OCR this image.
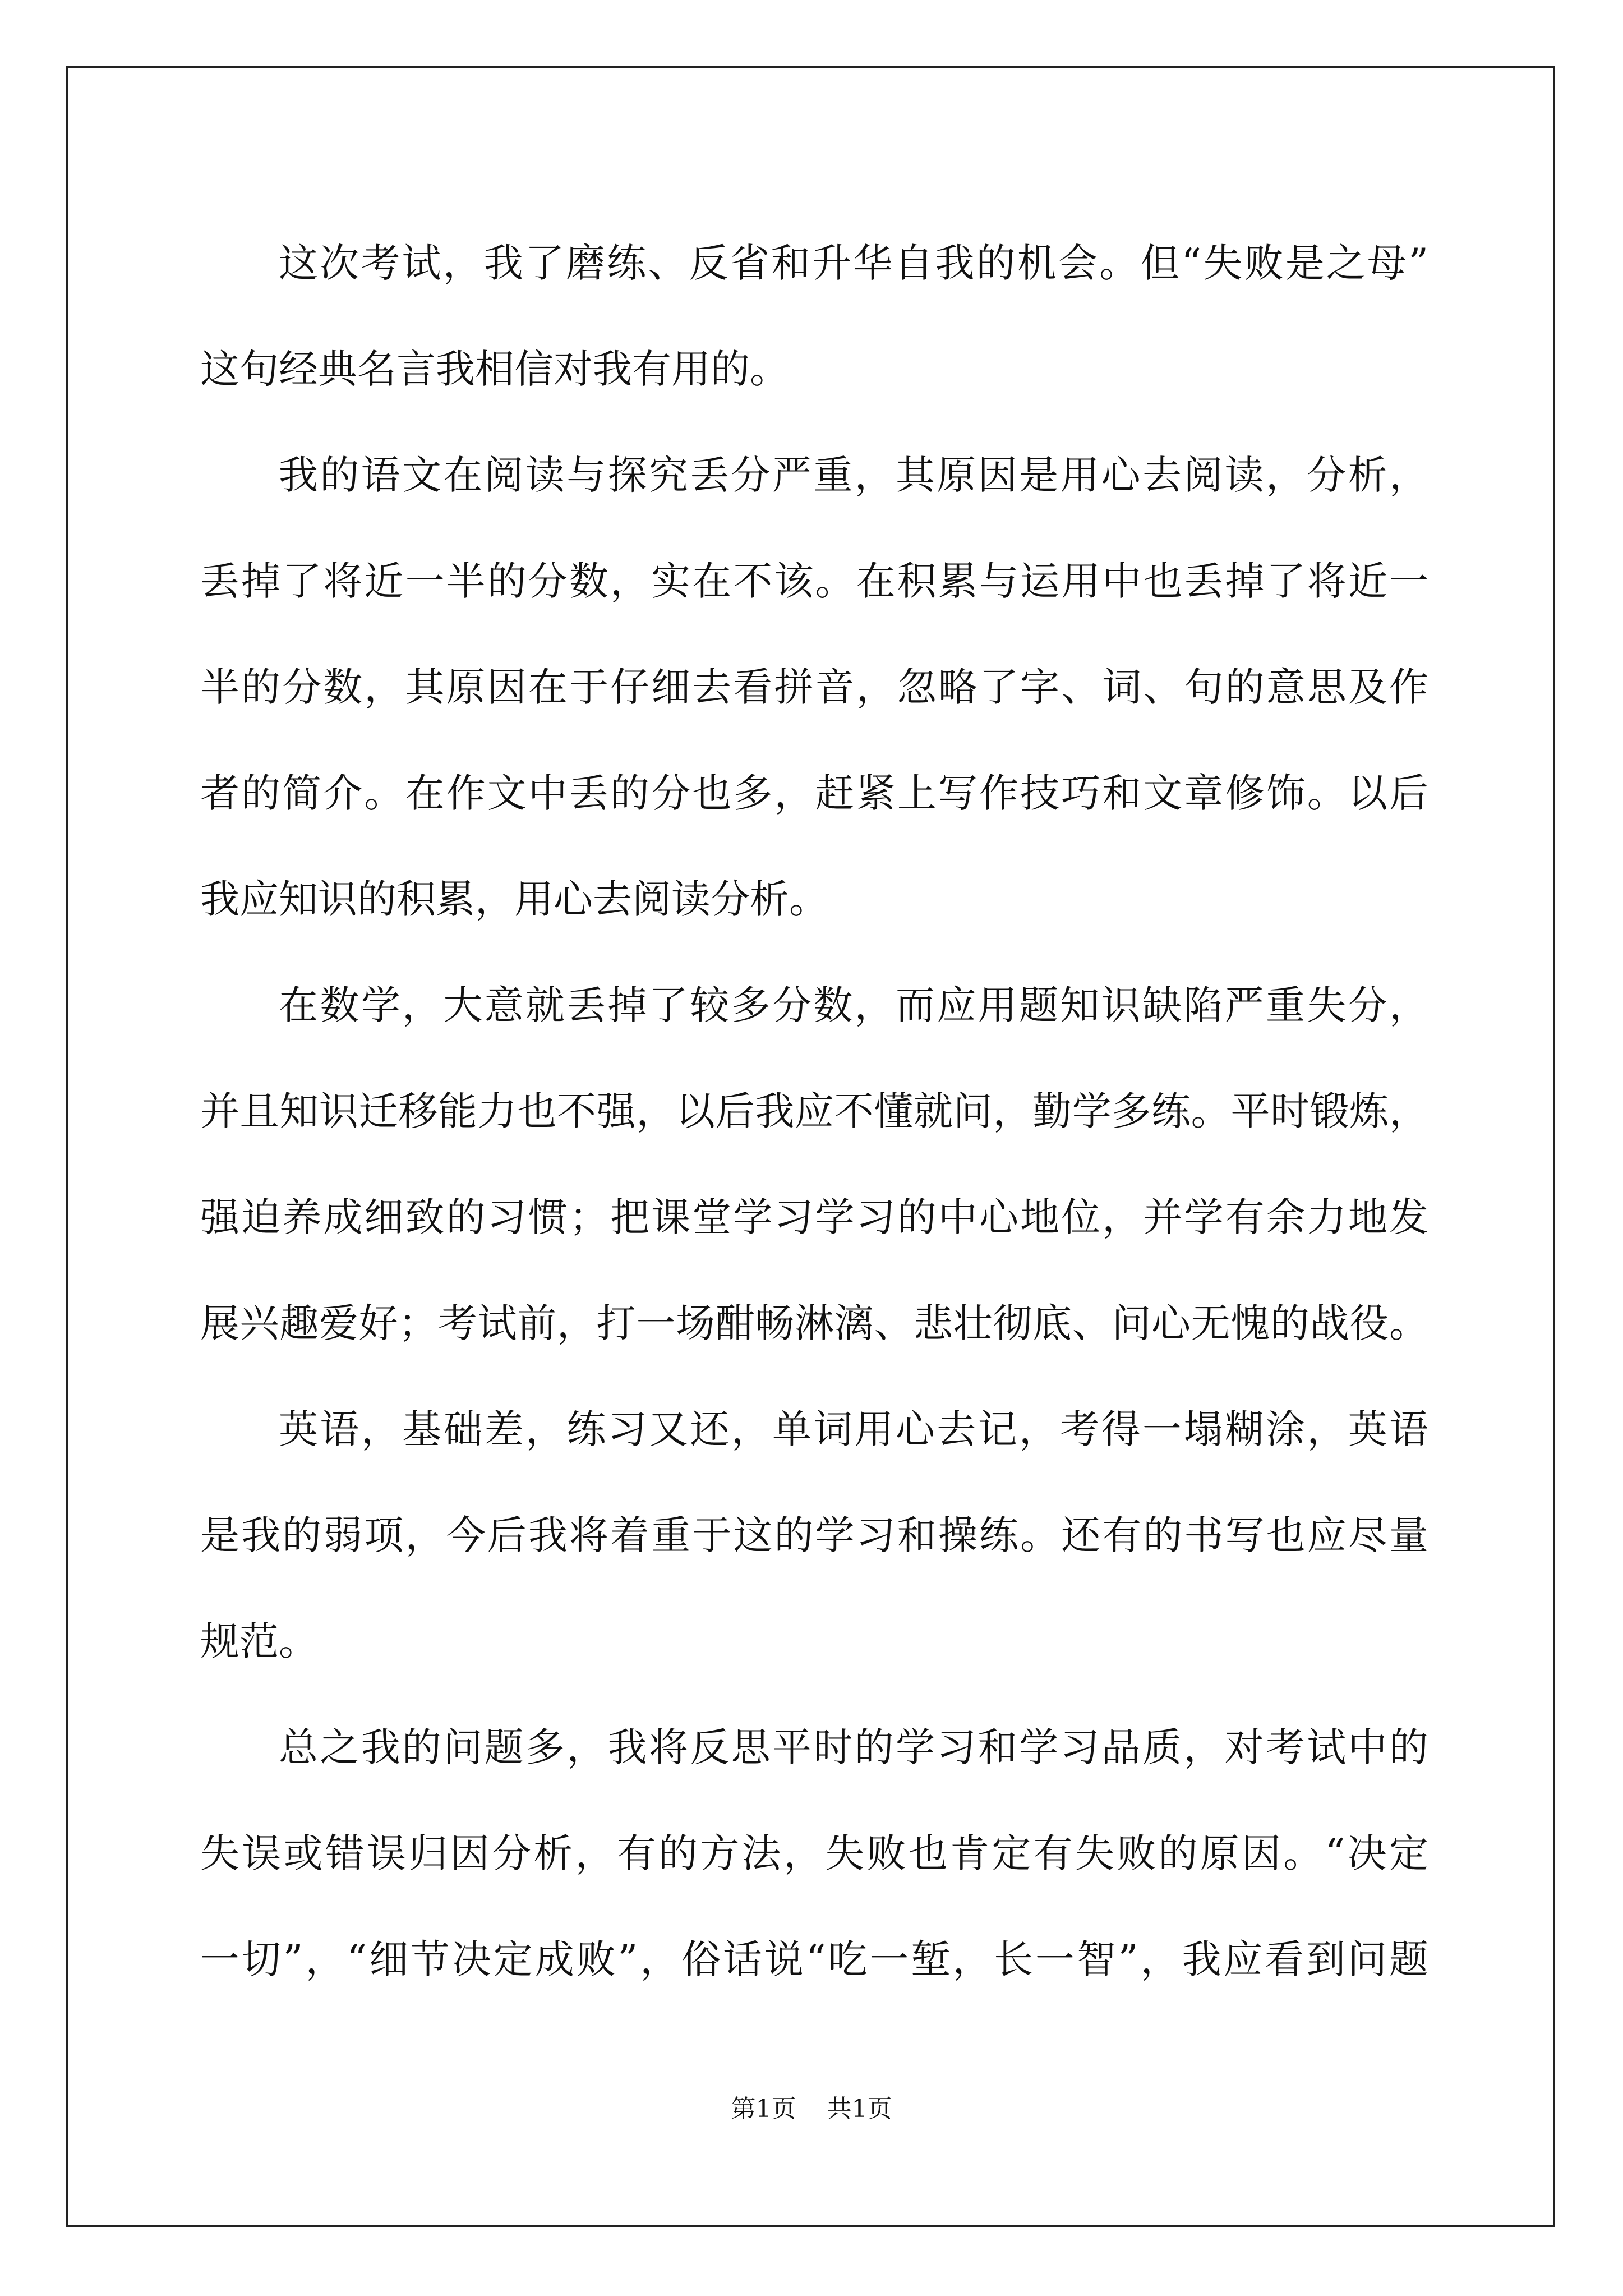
这次考试，我了磨练、反省和升华自我的机会。但“失败是之母”
这句经典名言我相信对我有用的。
我的语文在阅读与探究丢分严重，其原因是用心去阅读，分析，
丢掉了将近一半的分数，实在不该。在积累与运用中也丢掉了将近一
半的分数，其原因在于仔细去看拼音，忽略了字、词、句的意思及作
者的简介。在作文中丢的分也多，赶紧上写作技巧和文章修饰。以后
我应知识的积累，用心去阅读分析。
在数学，大意就丢掉了较多分数，而应用题知识缺陷严重失分，
并且知识迁移能力也不强，以后我应不懂就问，勤学多练。平时锻炼，
强迫养成细致的习惯；把课堂学习学习的中心地位，并学有余力地发
展兴趣爱好；考试前，打一场酣畅淋漓、悲壮彻底、问心无愧的战役。
英语，基础差，练习又还，单词用心去记，考得一塌糊涂，英语
是我的弱项，今后我将着重于这的学习和操练。还有的书写也应尽量
规范。
总之我的问题多，我将反思平时的学习和学习品质，对考试中的
失误或错误归因分析，有的方法，失败也肯定有失败的原因。“决定
一切”，“细节决定成败”，俗话说“吃一堑，长一智”，我应看到问题
第1页 共1页
